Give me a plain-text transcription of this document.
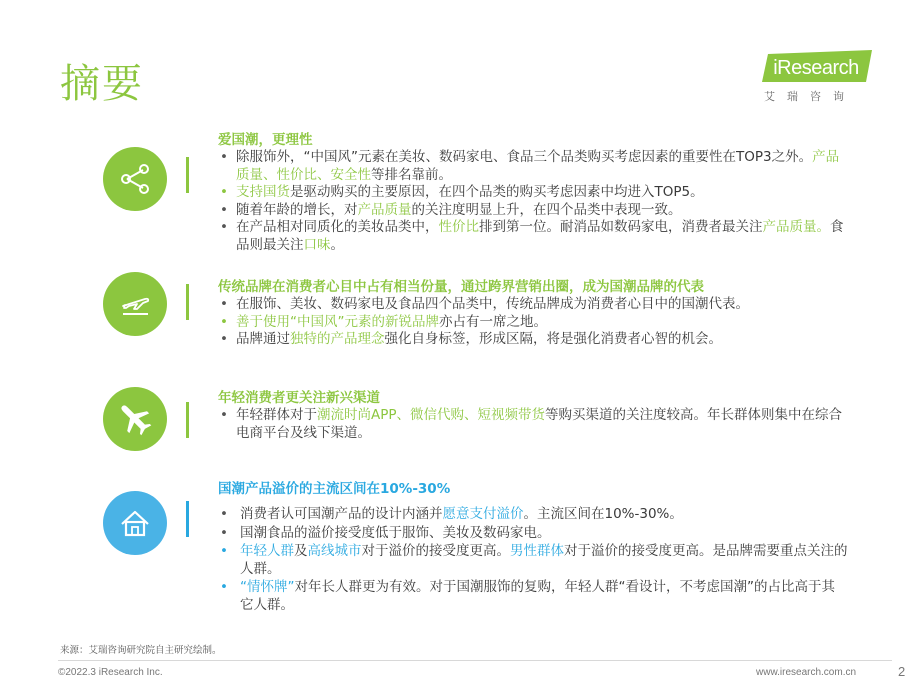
摘要	iResearch
艾瑞咨询
爱国潮，更理性
• 除服饰外，“中国风”元素在美妆、数码家电、食品三个品类购买考虑因素的重要性在TOP3之外。产品质量、性价比、安全性等排名靠前。
• 支持国货是驱动购买的主要原因，在四个品类的购买考虑因素中均进入TOP5。
• 随着年龄的增长，对产品质量的关注度明显上升，在四个品类中表现一致。
• 在产品相对同质化的美妆品类中，性价比排到第一位。耐消品如数码家电，消费者最关注产品质量。食品则最关注口味。
传统品牌在消费者心目中占有相当份量，通过跨界营销出圈，成为国潮品牌的代表
• 在服饰、美妆、数码家电及食品四个品类中，传统品牌成为消费者心目中的国潮代表。
• 善于使用“中国风”元素的新锐品牌亦占有一席之地。
• 品牌通过独特的产品理念强化自身标签，形成区隔，将是强化消费者心智的机会。
年轻消费者更关注新兴渠道
• 年轻群体对于潮流时尚APP、微信代购、短视频带货等购买渠道的关注度较高。年长群体则集中在综合电商平台及线下渠道。
国潮产品溢价的主流区间在10%-30%
• 消费者认可国潮产品的设计内涵并愿意支付溢价。主流区间在10%-30%。
• 国潮食品的溢价接受度低于服饰、美妆及数码家电。
• 年轻人群及高线城市对于溢价的接受度更高。男性群体对于溢价的接受度更高。是品牌需要重点关注的人群。
• “情怀牌”对年长人群更为有效。对于国潮服饰的复购，年轻人群“看设计，不考虑国潮”的占比高于其它人群。
来源：艾瑞咨询研究院自主研究绘制。
©2022.3 iResearch Inc.	www.iresearch.com.cn	2
